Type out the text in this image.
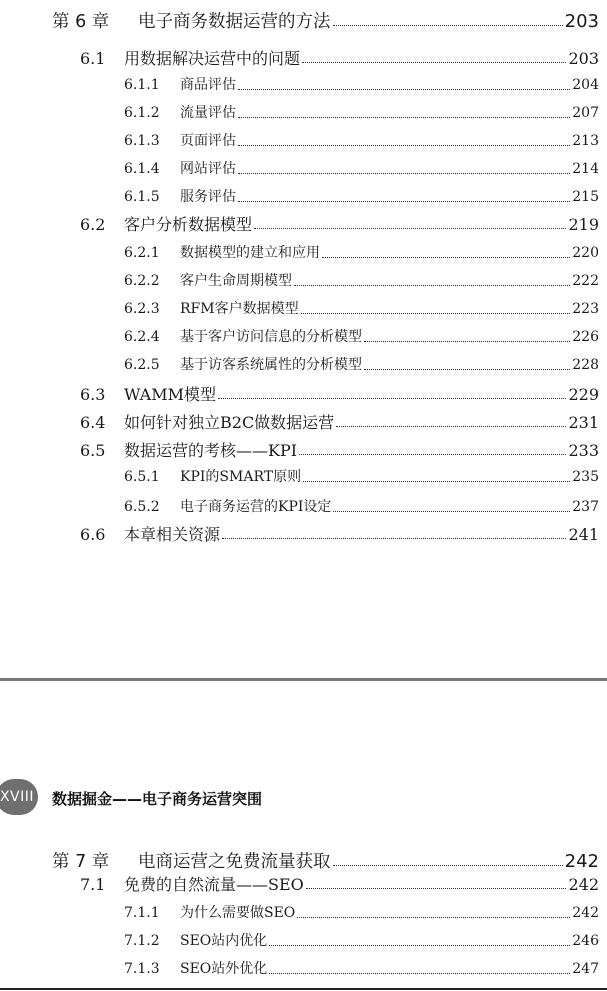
第 6 章	电子商务数据运营的方法	203
6.1	用数据解决运营中的问题	203
6.1.1	商品评估	204
6.1.2	流量评估	207
6.1.3	页面评估	213
6.1.4	网站评估	214
6.1.5	服务评估	215
6.2	客户分析数据模型	219
6.2.1	数据模型的建立和应用	220
6.2.2	客户生命周期模型	222
6.2.3	RFM客户数据模型	223
6.2.4	基于客户访问信息的分析模型	226
6.2.5	基于访客系统属性的分析模型	228
6.3	WAMM模型	229
6.4	如何针对独立B2C做数据运营	231
6.5	数据运营的考核——KPI	233
6.5.1	KPI的SMART原则	235
6.5.2	电子商务运营的KPI设定	237
6.6	本章相关资源	241
XVIII 数据掘金——电子商务运营突围
第 7 章	电商运营之免费流量获取	242
7.1	免费的自然流量——SEO	242
7.1.1	为什么需要做SEO	242
7.1.2	SEO站内优化	246
7.1.3	SEO站外优化	247
